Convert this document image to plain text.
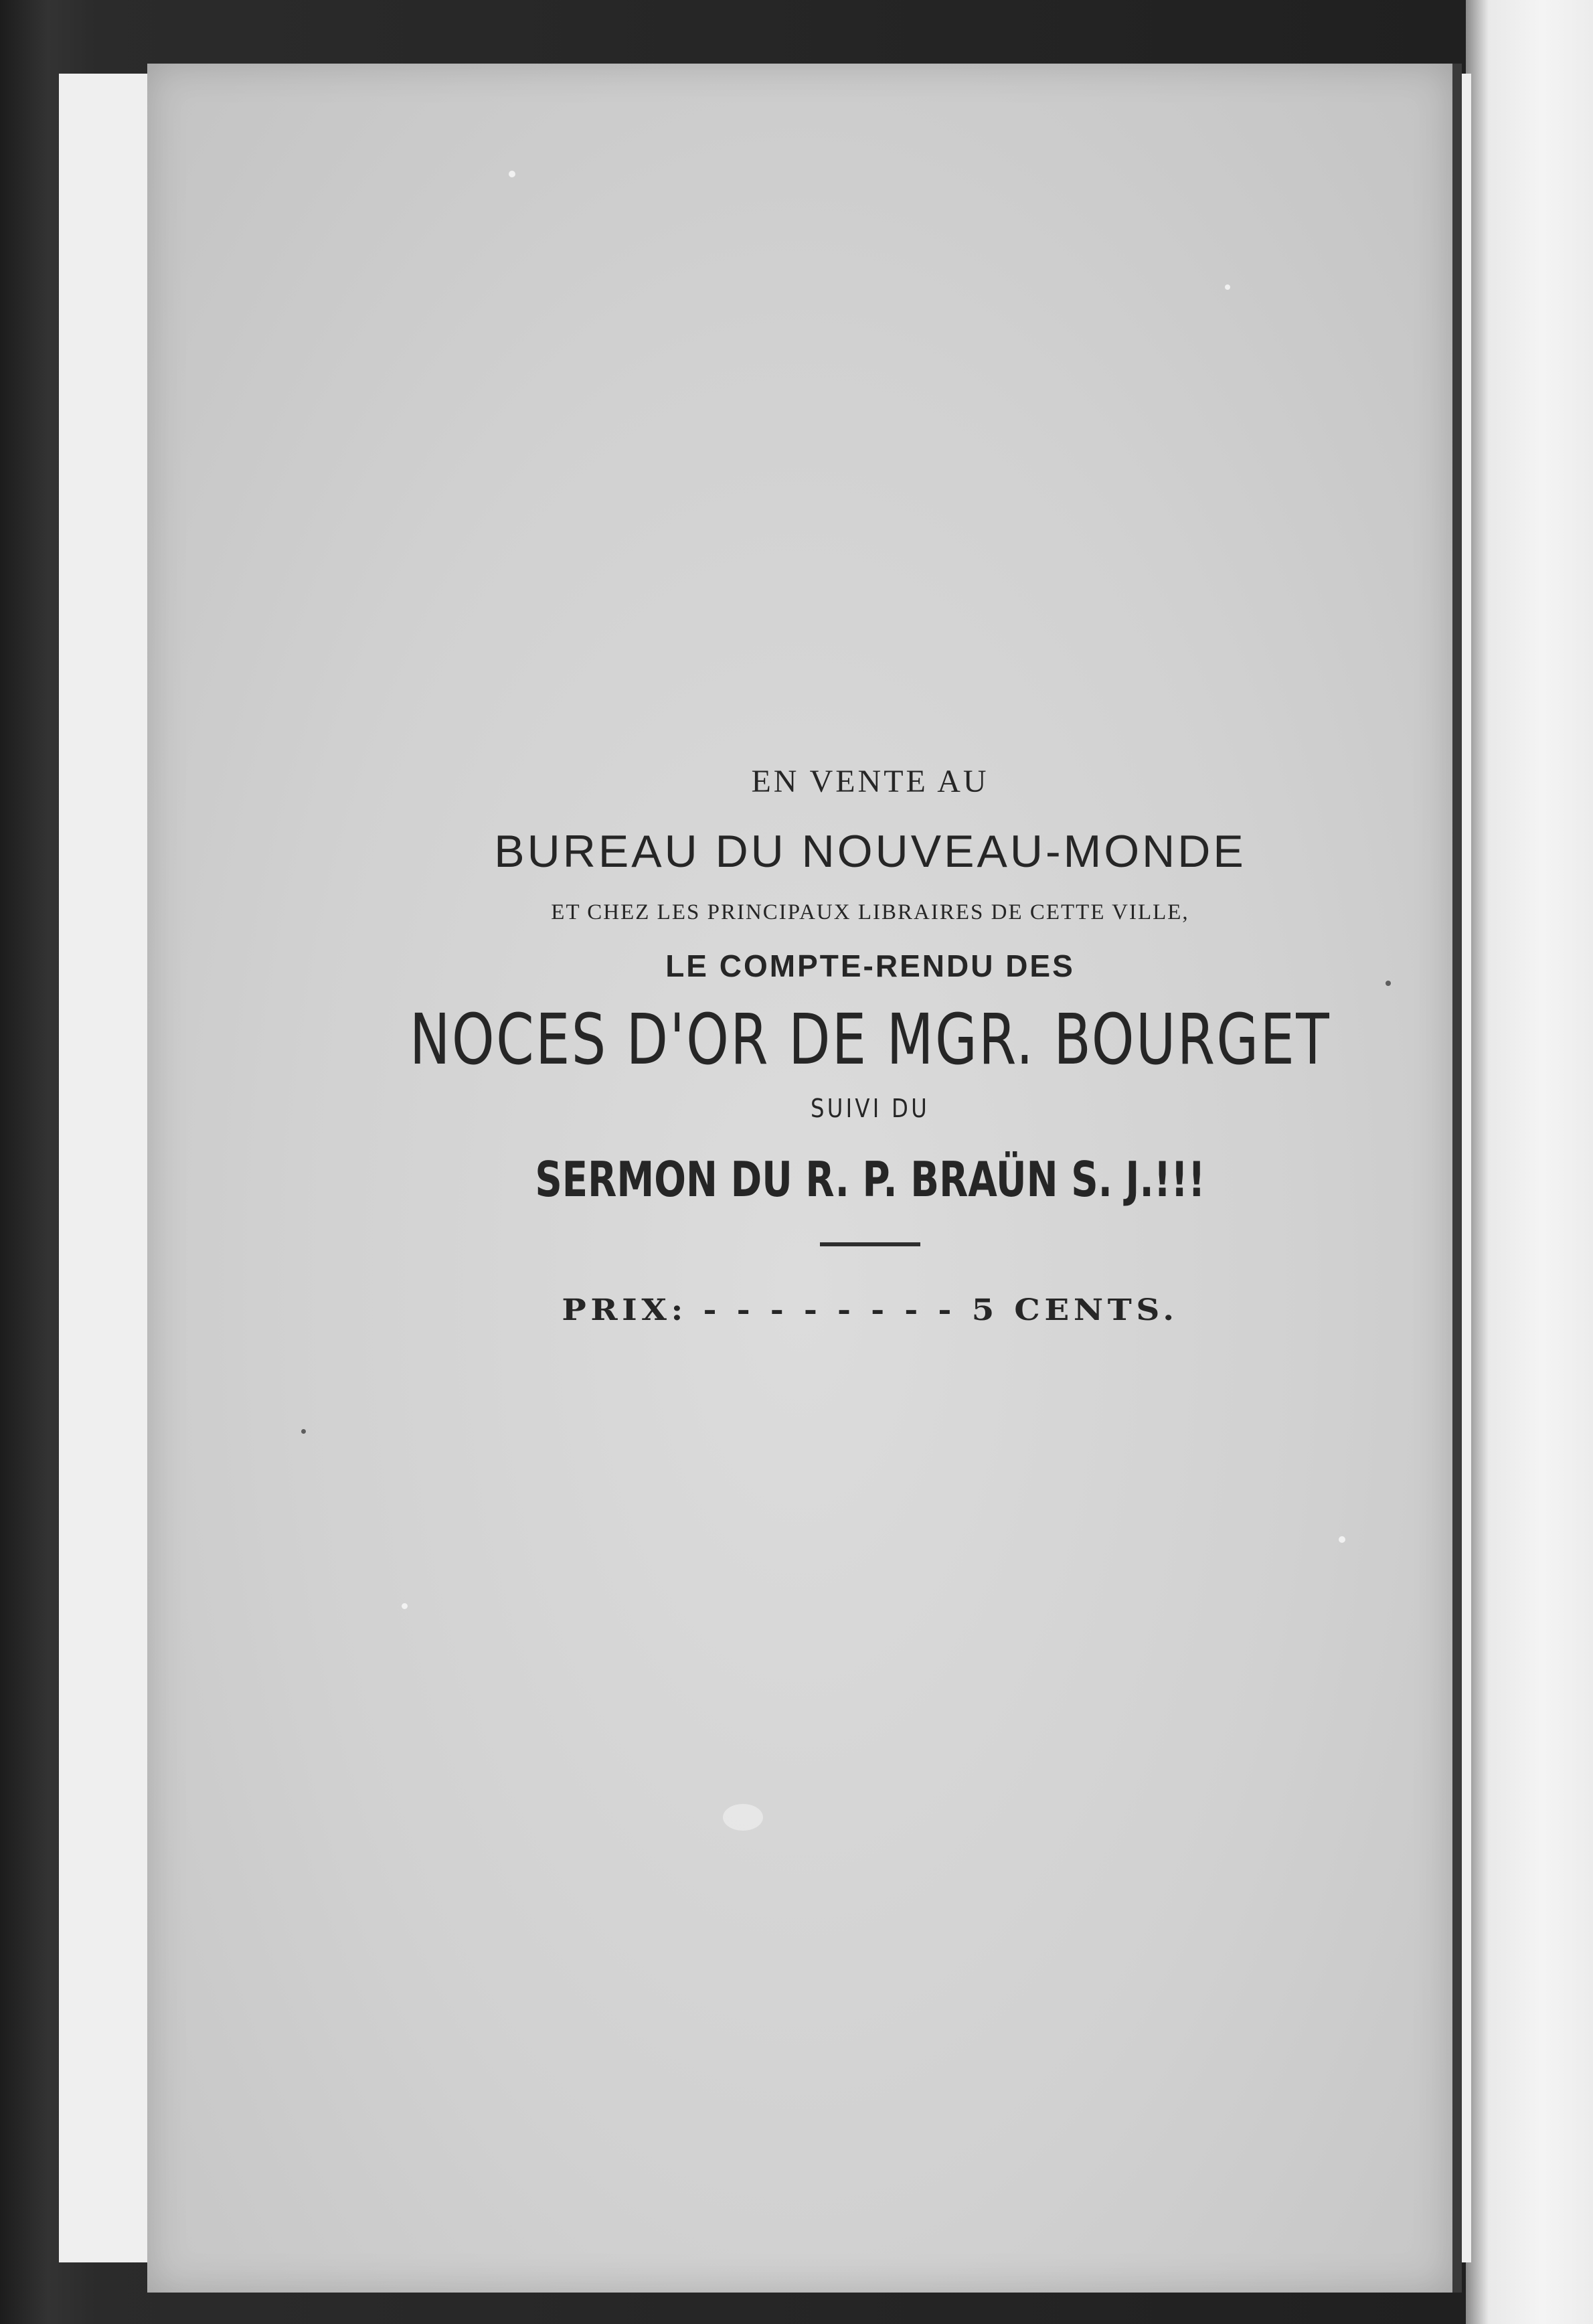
EN VENTE AU
BUREAU DU NOUVEAU-MONDE
ET CHEZ LES PRINCIPAUX LIBRAIRES DE CETTE VILLE,
LE COMPTE-RENDU DES
NOCES D'OR DE MGR. BOURGET
SUIVI DU
SERMON DU R. P. BRAÜN S. J.!!!
PRIX: - - - - - - - - 5 CENTS.
